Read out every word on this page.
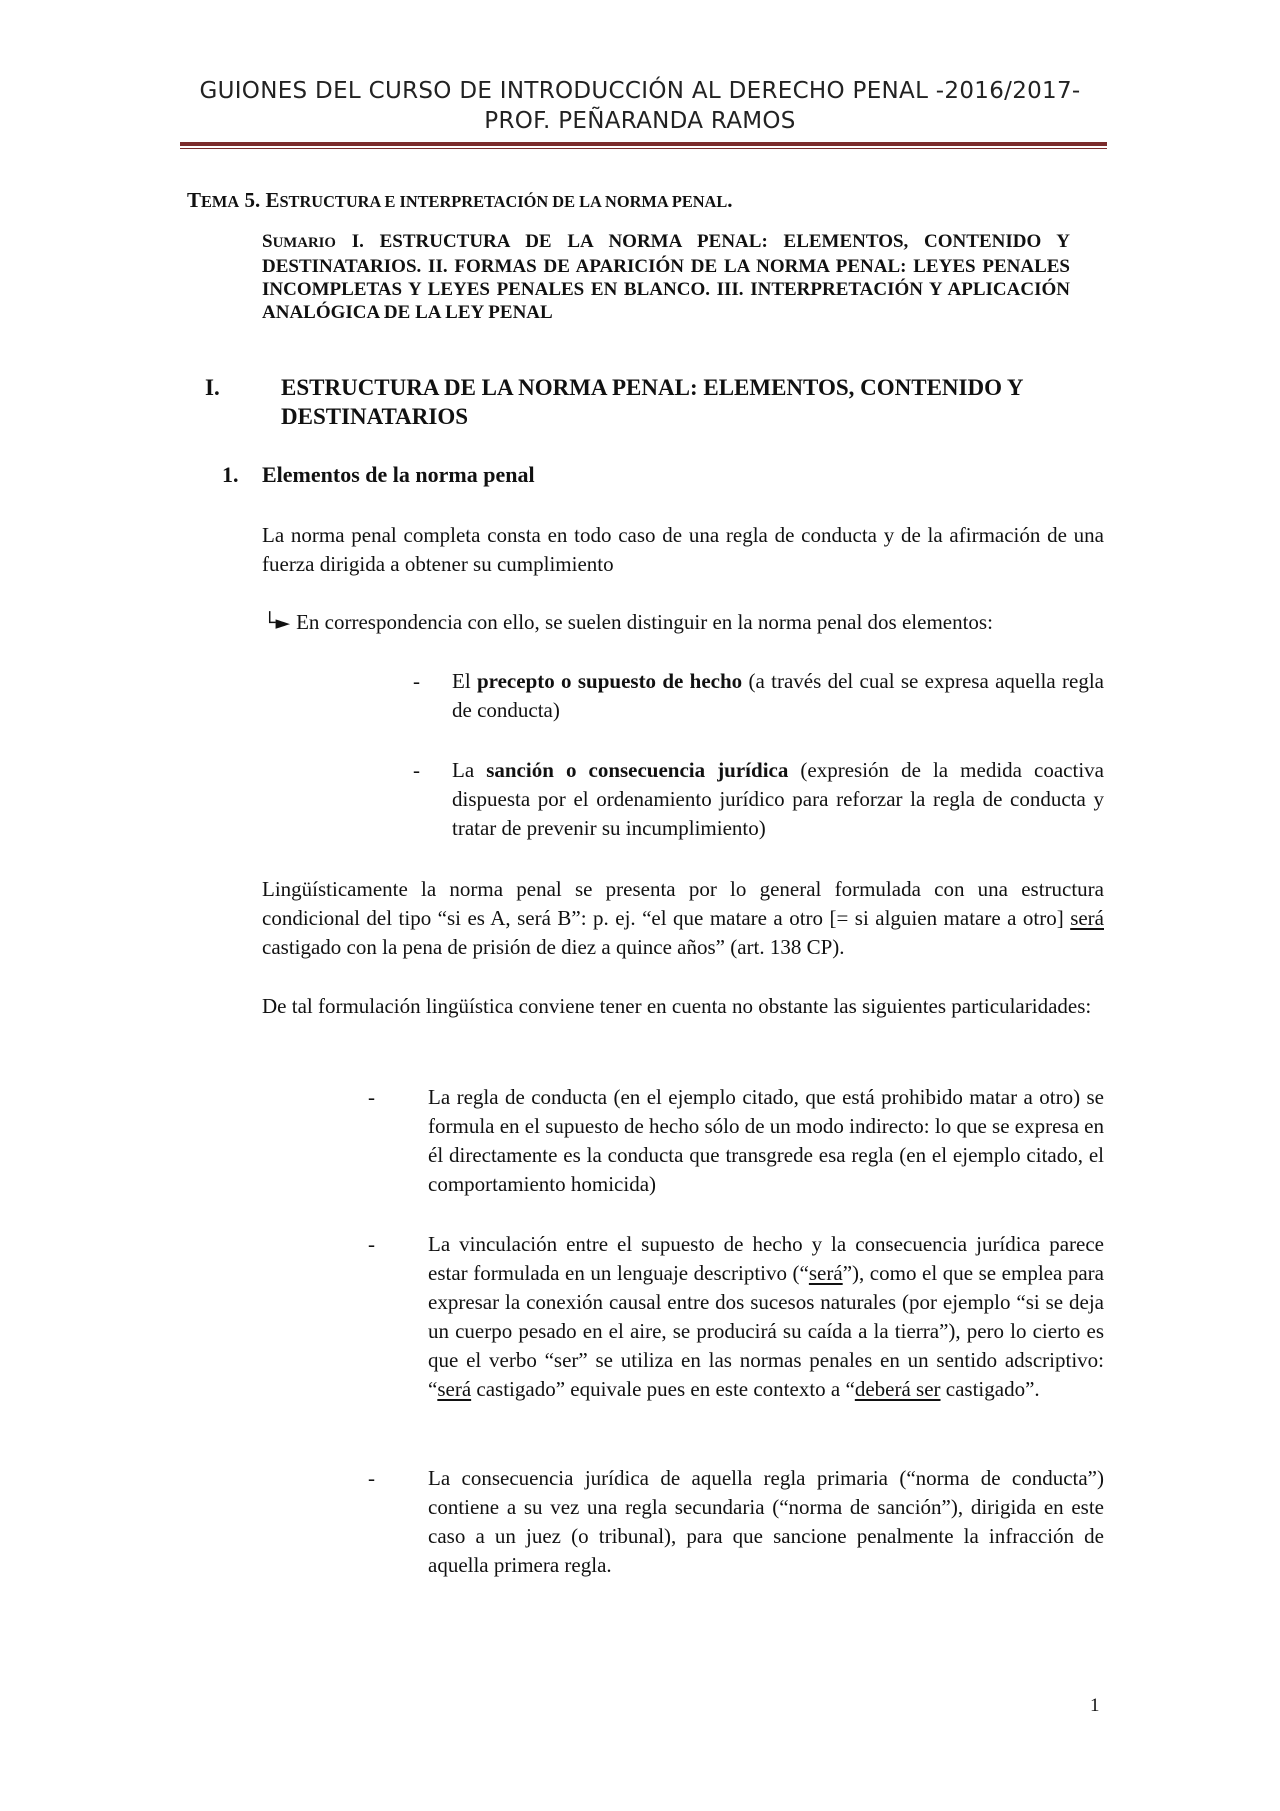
GUIONES DEL CURSO DE INTRODUCCIÓN AL DERECHO PENAL -2016/2017-
PROF. PEÑARANDA RAMOS
TEMA 5. ESTRUCTURA E INTERPRETACIÓN DE LA NORMA PENAL.
SUMARIO I. ESTRUCTURA DE LA NORMA PENAL: ELEMENTOS, CONTENIDO Y DESTINATARIOS. II. FORMAS DE APARICIÓN DE LA NORMA PENAL: LEYES PENALES INCOMPLETAS Y LEYES PENALES EN BLANCO. III. INTERPRETACIÓN Y APLICACIÓN ANALÓGICA DE LA LEY PENAL
I.	ESTRUCTURA DE LA NORMA PENAL: ELEMENTOS, CONTENIDO Y DESTINATARIOS
1. Elementos de la norma penal
La norma penal completa consta en todo caso de una regla de conducta y de la afirmación de una fuerza dirigida a obtener su cumplimiento
└► En correspondencia con ello, se suelen distinguir en la norma penal dos elementos:
- El precepto o supuesto de hecho (a través del cual se expresa aquella regla de conducta)
- La sanción o consecuencia jurídica (expresión de la medida coactiva dispuesta por el ordenamiento jurídico para reforzar la regla de conducta y tratar de prevenir su incumplimiento)
Lingüísticamente la norma penal se presenta por lo general formulada con una estructura condicional del tipo “si es A, será B”: p. ej. “el que matare a otro [= si alguien matare a otro] será castigado con la pena de prisión de diez a quince años” (art. 138 CP).
De tal formulación lingüística conviene tener en cuenta no obstante las siguientes particularidades:
-	La regla de conducta (en el ejemplo citado, que está prohibido matar a otro) se formula en el supuesto de hecho sólo de un modo indirecto: lo que se expresa en él directamente es la conducta que transgrede esa regla (en el ejemplo citado, el comportamiento homicida)
-	La vinculación entre el supuesto de hecho y la consecuencia jurídica parece estar formulada en un lenguaje descriptivo (“será”), como el que se emplea para expresar la conexión causal entre dos sucesos naturales (por ejemplo “si se deja un cuerpo pesado en el aire, se producirá su caída a la tierra”), pero lo cierto es que el verbo “ser” se utiliza en las normas penales en un sentido adscriptivo: “será castigado” equivale pues en este contexto a “deberá ser castigado”.
-	La consecuencia jurídica de aquella regla primaria (“norma de conducta”) contiene a su vez una regla secundaria (“norma de sanción”), dirigida en este caso a un juez (o tribunal), para que sancione penalmente la infracción de aquella primera regla.
1
